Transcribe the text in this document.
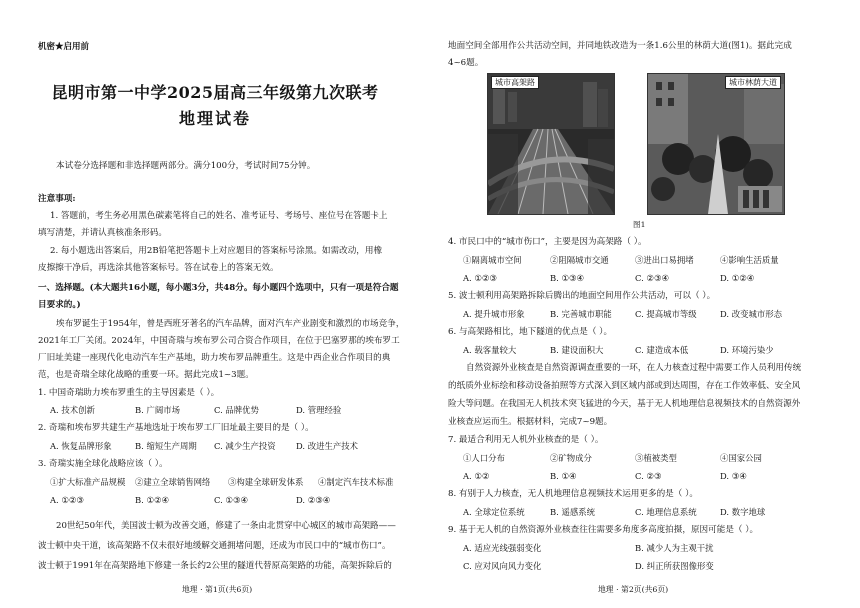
机密★启用前
昆明市第一中学2025届高三年级第九次联考
地理试卷
本试卷分选择题和非选择题两部分。满分100分，考试时间75分钟。
注意事项:
1. 答题前，考生务必用黑色碳素笔将自己的姓名、准考证号、考场号、座位号在答题卡上
填写清楚，并请认真核准条形码。
2. 每小题选出答案后，用2B铅笔把答题卡上对应题目的答案标号涂黑。如需改动，用橡
皮擦擦干净后，再选涂其他答案标号。答在试卷上的答案无效。
一、选择题。(本大题共16小题，每小题3分，共48分。每小题四个选项中，只有一项是符合题
目要求的。)
埃布罗诞生于1954年，曾是西班牙著名的汽车品牌，面对汽车产业剧变和激烈的市场竞争，
2021年工厂关闭。2024年，中国奇瑞与埃布罗公司合资合作项目，在位于巴塞罗那的埃布罗工
厂旧址美建一座现代化电动汽车生产基地，助力埃布罗品牌重生。这是中西企业合作项目的典
范，也是奇瑞全球化战略的重要一环。据此完成1~3题。
1. 中国奇瑞助力埃布罗重生的主导因素是（ ）。
A. 技术创新	B. 广阔市场	C. 品牌优势	D. 管理经验
2. 奇瑞和埃布罗共建生产基地选址于埃布罗工厂旧址最主要目的是（ ）。
A. 恢复品牌形象	B. 缩短生产周期 C. 减少生产投资 D. 改进生产技术
3. 奇瑞实施全球化战略应该（ ）。
①扩大标准产品规模 ②建立全球销售网络 ③构建全球研发体系 ④制定汽车技术标准
A. ①②③	B. ①②④	C. ①③④	D. ②③④
20世纪50年代，美国波士顿为改善交通，修建了一条由北贯穿中心城区的城市高架路——
波士顿中央干道，该高架路不仅未很好地缓解交通拥堵问题，还成为市民口中的“城市伤口”。
波士顿于1991年在高架路地下修建一条长约2公里的隧道代替原高架路的功能，高架拆除后的
地理 · 第1页(共6页)
地面空间全部用作公共活动空间，并同地铁改造为一条1.6公里的林荫大道(图1)。据此完成
4~6题。
城市高架路	城市林荫大道
图1
4. 市民口中的“城市伤口”，主要是因为高架路（ ）。
①隔离城市空间	②阻隔城市交通	③进出口易拥堵	④影响生活质量
A. ①②③	B. ①③④	C. ②③④	D. ①②④
5. 波士顿利用高架路拆除后腾出的地面空间用作公共活动，可以（ ）。
A. 提升城市形象	B. 完善城市职能	C. 提高城市等级	D. 改变城市形态
6. 与高架路相比，地下隧道的优点是（ ）。
A. 载客量较大	B. 建设面积大	C. 建造成本低	D. 环境污染少
自然资源外业核查是自然资源调查重要的一环，在人力核查过程中需要工作人员利用传统
的纸质外业标绘和移动设备拍照等方式深入到区域内部或到达周围，存在工作效率低、安全风
险大等问题。在我国无人机技术突飞猛进的今天，基于无人机地理信息视频技术的自然资源外
业核查应运而生。根据材料，完成7~9题。
7. 最适合利用无人机外业核查的是（ ）。
①人口分布	②矿物成分	③植被类型	④国家公园
A. ①②	B. ①④	C. ②③	D. ③④
8. 有别于人力核查，无人机地理信息视频技术运用更多的是（ ）。
A. 全球定位系统	B. 遥感系统	C. 地理信息系统	D. 数字地球
9. 基于无人机的自然资源外业核查往往需要多角度多高度拍摄，原因可能是（ ）。
A. 适应光线强弱变化	B. 减少人为主观干扰
C. 应对风向风力变化	D. 纠正所获图像形变
地理 · 第2页(共6页)
